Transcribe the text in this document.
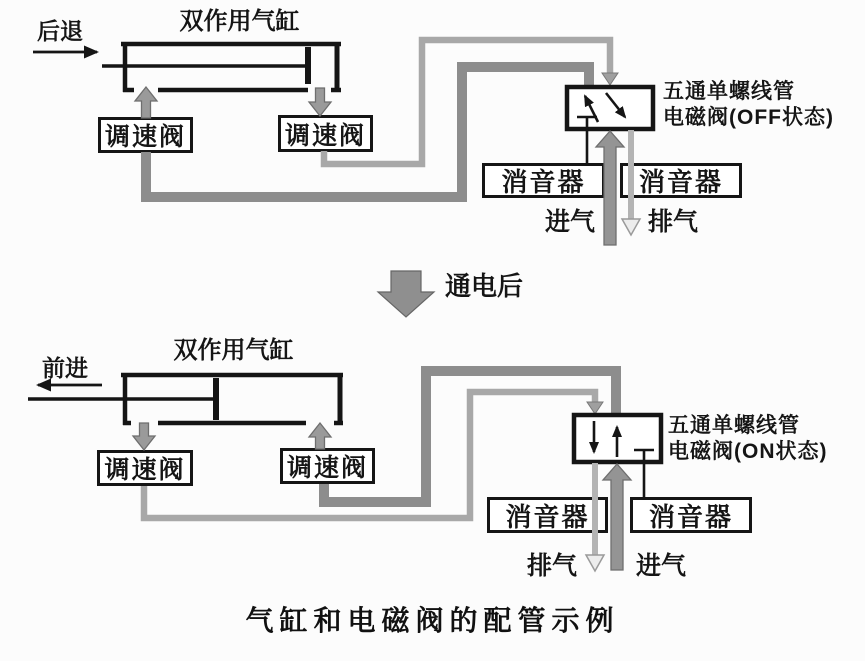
后退	双作用气缸
调速阀	调速阀
五通单螺线管
电磁阀(OFF状态)
消音器 消音器
进气 排气
通电后
前进
双作用气缸
调速阀	调速阀
五通单螺线管
电磁阀(ON状态)
消音器 消音器
排气 进气
气缸和电磁阀的配管示例
